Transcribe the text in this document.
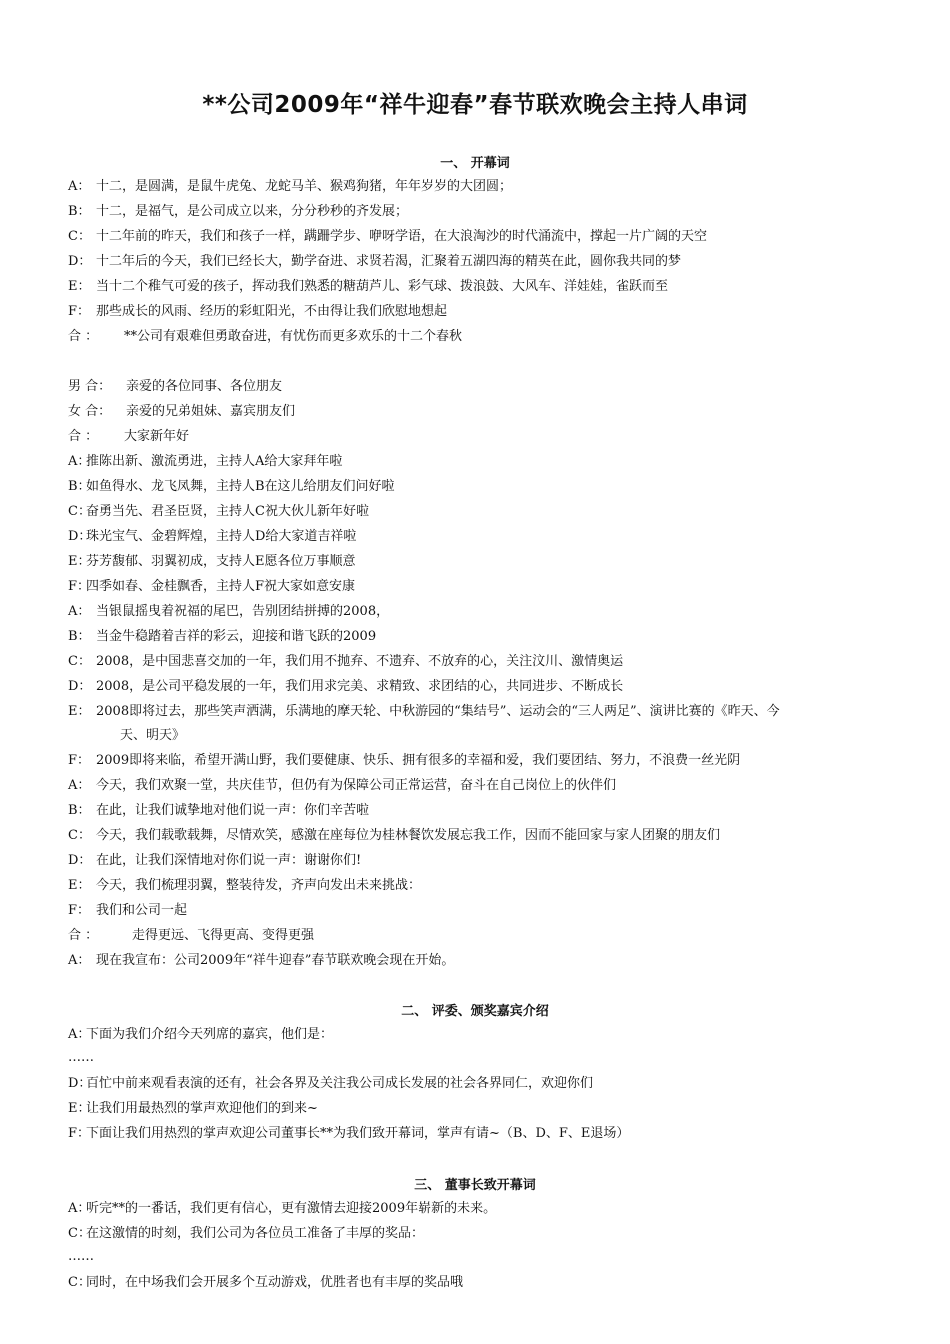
**公司2009年“祥牛迎春”春节联欢晚会主持人串词
一、 开幕词
A： 十二，是圆满，是鼠牛虎兔、龙蛇马羊、猴鸡狗猪，年年岁岁的大团圆；
B： 十二，是福气，是公司成立以来，分分秒秒的齐发展；
C： 十二年前的昨天，我们和孩子一样，蹒跚学步、咿呀学语，在大浪淘沙的时代涌流中，撑起一片广阔的天空
D： 十二年后的今天，我们已经长大，勤学奋进、求贤若渴，汇聚着五湖四海的精英在此，圆你我共同的梦
E： 当十二个稚气可爱的孩子，挥动我们熟悉的糖葫芦儿、彩气球、拨浪鼓、大风车、洋娃娃，雀跃而至
F： 那些成长的风雨、经历的彩虹阳光，不由得让我们欣慰地想起
合 ： **公司有艰难但勇敢奋进，有忧伤而更多欢乐的十二个春秋
男 合： 亲爱的各位同事、各位朋友
女 合： 亲爱的兄弟姐妹、嘉宾朋友们
合 ： 大家新年好
A：推陈出新、激流勇进，主持人A给大家拜年啦
B：如鱼得水、龙飞凤舞，主持人B在这儿给朋友们问好啦
C：奋勇当先、君圣臣贤，主持人C祝大伙儿新年好啦
D：珠光宝气、金碧辉煌，主持人D给大家道吉祥啦
E：芬芳馥郁、羽翼初成，支持人E愿各位万事顺意
F：四季如春、金桂飘香，主持人F祝大家如意安康
A： 当银鼠摇曳着祝福的尾巴，告别团结拼搏的2008，
B： 当金牛稳踏着吉祥的彩云，迎接和谐飞跃的2009
C： 2008，是中国悲喜交加的一年，我们用不抛弃、不遗弃、不放弃的心，关注汶川、激情奥运
D： 2008，是公司平稳发展的一年，我们用求完美、求精致、求团结的心，共同进步、不断成长
E： 2008即将过去，那些笑声洒满，乐满地的摩天轮、中秋游园的“集结号”、运动会的“三人两足”、演讲比赛的《昨天、今
天、明天》
F： 2009即将来临，希望开满山野，我们要健康、快乐、拥有很多的幸福和爱，我们要团结、努力，不浪费一丝光阴
A： 今天，我们欢聚一堂，共庆佳节，但仍有为保障公司正常运营，奋斗在自己岗位上的伙伴们
B： 在此，让我们诚挚地对他们说一声：你们辛苦啦
C： 今天，我们载歌载舞，尽情欢笑，感激在座每位为桂林餐饮发展忘我工作，因而不能回家与家人团聚的朋友们
D： 在此，让我们深情地对你们说一声：谢谢你们!
E： 今天，我们梳理羽翼，整装待发，齐声向发出未来挑战：
F： 我们和公司一起
合 ：	走得更远、飞得更高、变得更强
A： 现在我宣布：公司2009年“祥牛迎春”春节联欢晚会现在开始。
二、 评委、颁奖嘉宾介绍
A：下面为我们介绍今天列席的嘉宾，他们是：
……
D：百忙中前来观看表演的还有，社会各界及关注我公司成长发展的社会各界同仁，欢迎你们
E：让我们用最热烈的掌声欢迎他们的到来~
F：下面让我们用热烈的掌声欢迎公司董事长**为我们致开幕词，掌声有请~（B、D、F、E退场）
三、 董事长致开幕词
A：听完**的一番话，我们更有信心，更有激情去迎接2009年崭新的未来。
C：在这激情的时刻，我们公司为各位员工准备了丰厚的奖品：
……
C：同时，在中场我们会开展多个互动游戏，优胜者也有丰厚的奖品哦
